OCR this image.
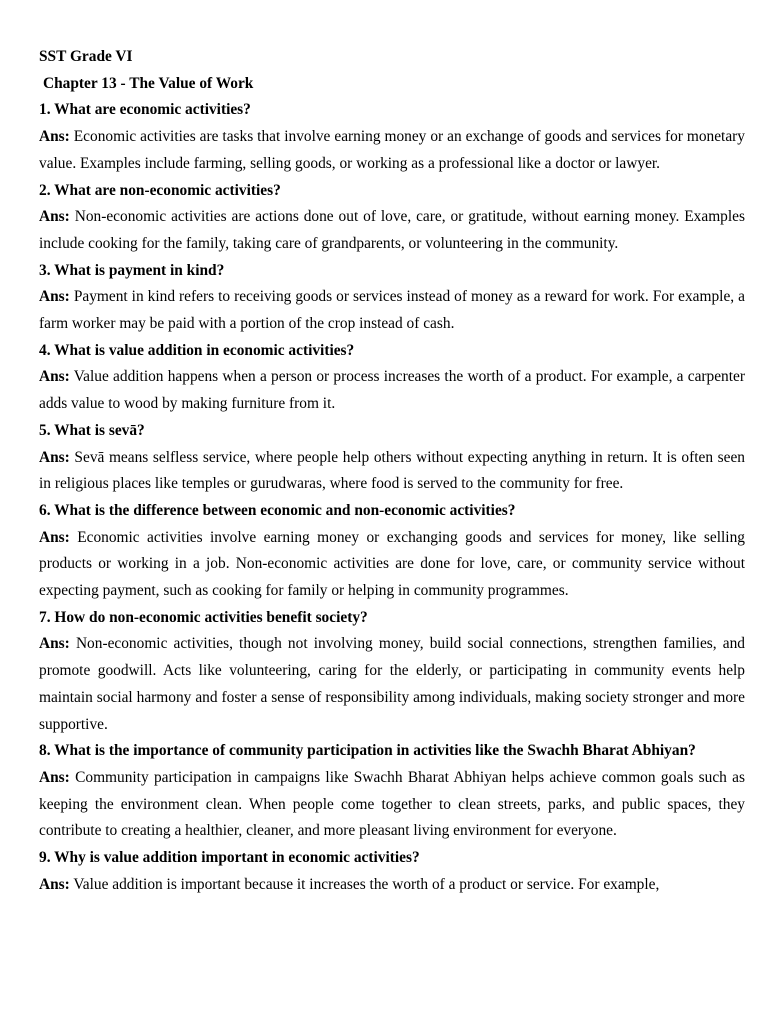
SST Grade VI

Chapter 13 - The Value of Work

1. What are economic activities?

Ans: Economic activities are tasks that involve earning money or an exchange of goods and services for monetary value. Examples include farming, selling goods, or working as a professional like a doctor or lawyer.

2. What are non-economic activities?

Ans: Non-economic activities are actions done out of love, care, or gratitude, without earning money. Examples include cooking for the family, taking care of grandparents, or volunteering in the community.

3. What is payment in kind?

Ans: Payment in kind refers to receiving goods or services instead of money as a reward for work. For example, a farm worker may be paid with a portion of the crop instead of cash.

4. What is value addition in economic activities?

Ans: Value addition happens when a person or process increases the worth of a product. For example, a carpenter adds value to wood by making furniture from it.

5. What is sevā?

Ans: Sevā means selfless service, where people help others without expecting anything in return. It is often seen in religious places like temples or gurudwaras, where food is served to the community for free.

6. What is the difference between economic and non-economic activities?

Ans: Economic activities involve earning money or exchanging goods and services for money, like selling products or working in a job. Non-economic activities are done for love, care, or community service without expecting payment, such as cooking for family or helping in community programmes.

7. How do non-economic activities benefit society?

Ans: Non-economic activities, though not involving money, build social connections, strengthen families, and promote goodwill. Acts like volunteering, caring for the elderly, or participating in community events help maintain social harmony and foster a sense of responsibility among individuals, making society stronger and more supportive.

8. What is the importance of community participation in activities like the Swachh Bharat Abhiyan?

Ans: Community participation in campaigns like Swachh Bharat Abhiyan helps achieve common goals such as keeping the environment clean. When people come together to clean streets, parks, and public spaces, they contribute to creating a healthier, cleaner, and more pleasant living environment for everyone.

9. Why is value addition important in economic activities?

Ans: Value addition is important because it increases the worth of a product or service. For example,
